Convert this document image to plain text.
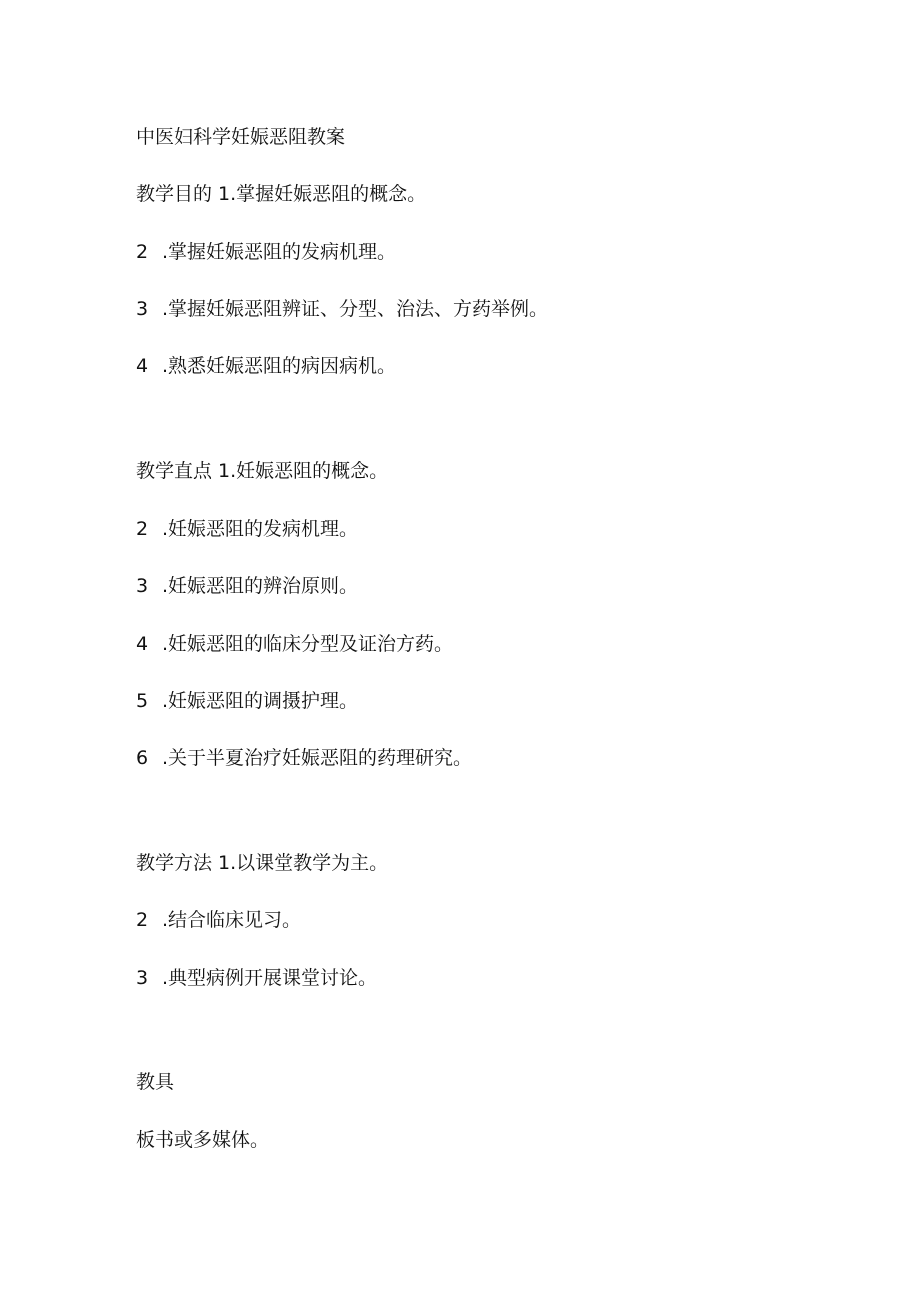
中医妇科学妊娠恶阻教案
教学目的 1.掌握妊娠恶阻的概念。
2 .掌握妊娠恶阻的发病机理。
3 .掌握妊娠恶阻辨证、分型、治法、方药举例。
4 .熟悉妊娠恶阻的病因病机。
教学直点 1.妊娠恶阻的概念。
2 .妊娠恶阻的发病机理。
3 .妊娠恶阻的辨治原则。
4 .妊娠恶阻的临床分型及证治方药。
5 .妊娠恶阻的调摄护理。
6 .关于半夏治疗妊娠恶阻的药理研究。
教学方法 1.以课堂教学为主。
2 .结合临床见习。
3 .典型病例开展课堂讨论。
教具
板书或多媒体。
